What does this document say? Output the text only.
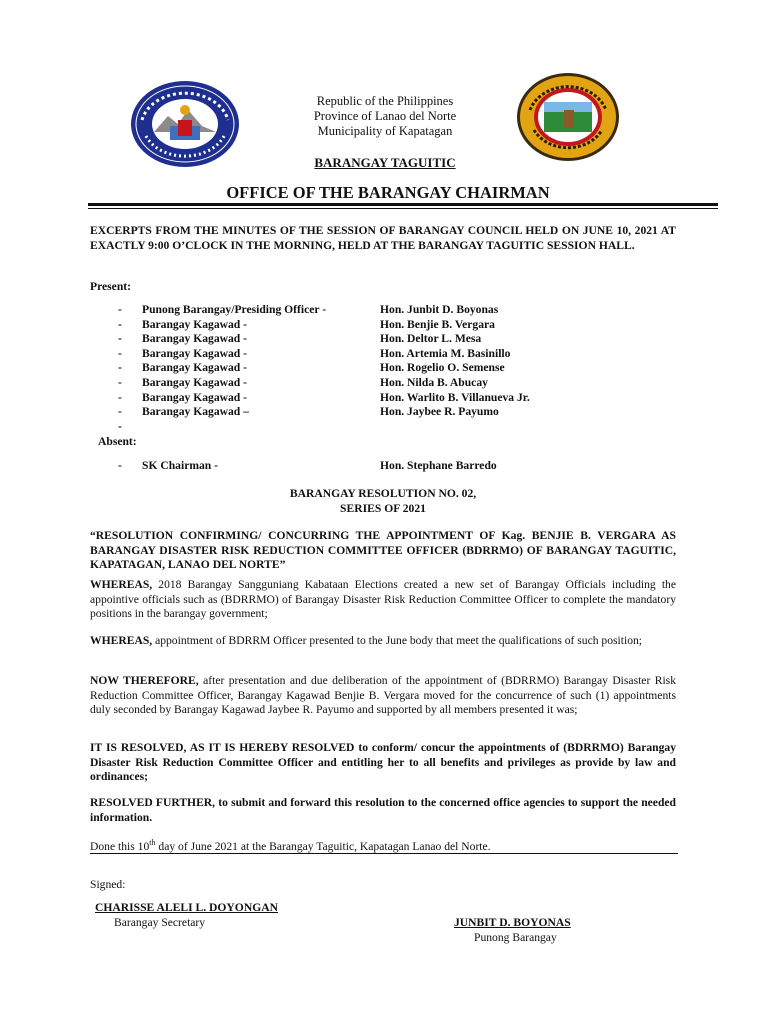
Republic of the Philippines
Province of Lanao del Norte
Municipality of Kapatagan
BARANGAY TAGUITIC
OFFICE OF THE BARANGAY CHAIRMAN
EXCERPTS FROM THE MINUTES OF THE SESSION OF BARANGAY COUNCIL HELD ON JUNE 10, 2021 AT EXACTLY 9:00 O’CLOCK IN THE MORNING, HELD AT THE BARANGAY TAGUITIC SESSION HALL.
Present:
- Punong Barangay/Presiding Officer -	Hon. Junbit D. Boyonas
- Barangay Kagawad -	Hon. Benjie B. Vergara
- Barangay Kagawad -	Hon. Deltor L. Mesa
- Barangay Kagawad -	Hon. Artemia M. Basinillo
- Barangay Kagawad -	Hon. Rogelio O. Semense
- Barangay Kagawad -	Hon. Nilda B. Abucay
- Barangay Kagawad -	Hon. Warlito B. Villanueva Jr.
- Barangay Kagawad –	Hon. Jaybee R. Payumo
-
Absent:
- SK Chairman -	Hon. Stephane Barredo
BARANGAY RESOLUTION NO. 02,
SERIES OF 2021
“RESOLUTION CONFIRMING/ CONCURRING THE APPOINTMENT OF Kag. BENJIE B. VERGARA AS BARANGAY DISASTER RISK REDUCTION COMMITTEE OFFICER (BDRRMO) OF BARANGAY TAGUITIC, KAPATAGAN, LANAO DEL NORTE”
WHEREAS, 2018 Barangay Sangguniang Kabataan Elections created a new set of Barangay Officials including the appointive officials such as (BDRRMO) of Barangay Disaster Risk Reduction Committee Officer to complete the mandatory positions in the barangay government;
WHEREAS, appointment of BDRRM Officer presented to the June body that meet the qualifications of such position;
NOW THEREFORE, after presentation and due deliberation of the appointment of (BDRRMO) Barangay Disaster Risk Reduction Committee Officer, Barangay Kagawad Benjie B. Vergara moved for the concurrence of such (1) appointments duly seconded by Barangay Kagawad Jaybee R. Payumo and supported by all members presented it was;
IT IS RESOLVED, AS IT IS HEREBY RESOLVED to conform/ concur the appointments of (BDRRMO) Barangay Disaster Risk Reduction Committee Officer and entitling her to all benefits and privileges as provide by law and ordinances;
RESOLVED FURTHER, to submit and forward this resolution to the concerned office agencies to support the needed information.
Done this 10th day of June 2021 at the Barangay Taguitic, Kapatagan Lanao del Norte.
Signed:
CHARISSE ALELI L. DOYONGAN
Barangay Secretary	JUNBIT D. BOYONAS
Punong Barangay
